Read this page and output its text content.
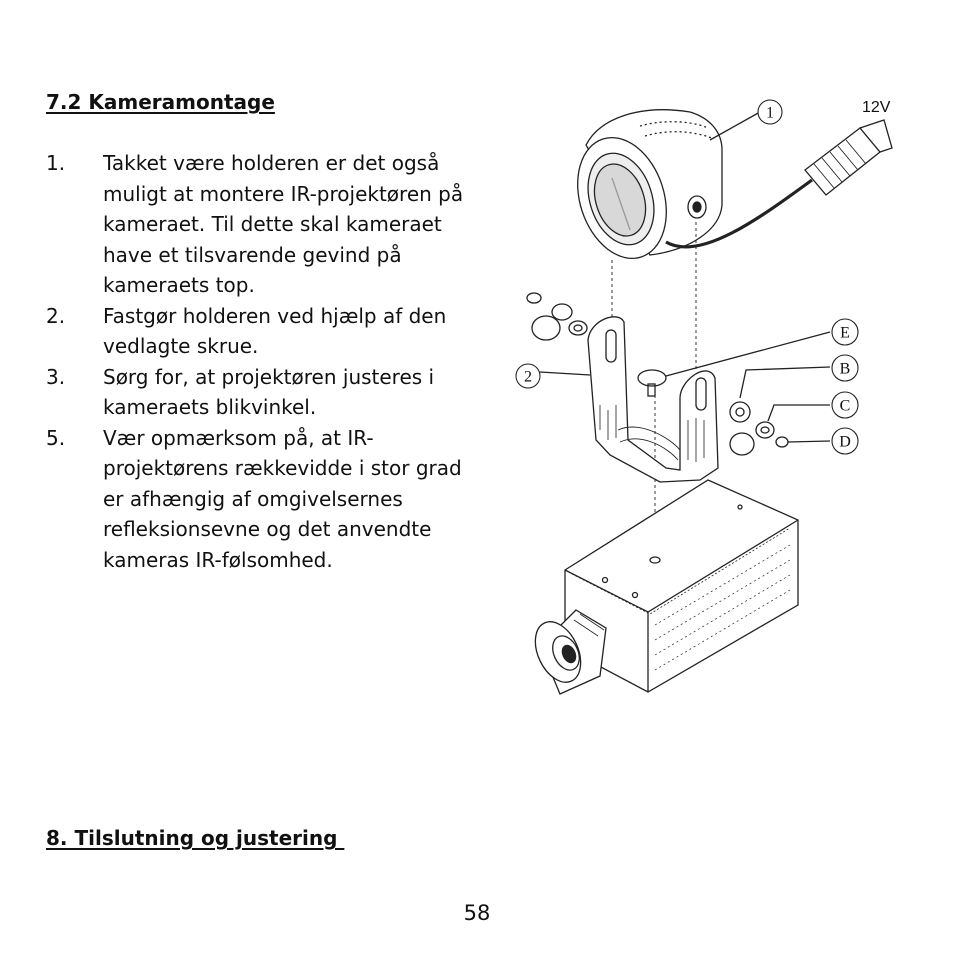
7.2 Kameramontage
1. Takket være holderen er det også muligt at montere IR-projektøren på kameraet. Til dette skal kameraet have et tilsvarende gevind på kameraets top.
2. Fastgør holderen ved hjælp af den vedlagte skrue.
3. Sørg for, at projektøren justeres i kameraets blikvinkel.
5. Vær opmærksom på, at IR-projektørens rækkevidde i stor grad er afhængig af omgivelsernes refleksionsevne og det anvendte kameras IR-følsomhed.
1
2
E
B
C
D
12V
8. Tilslutning og justering
58
